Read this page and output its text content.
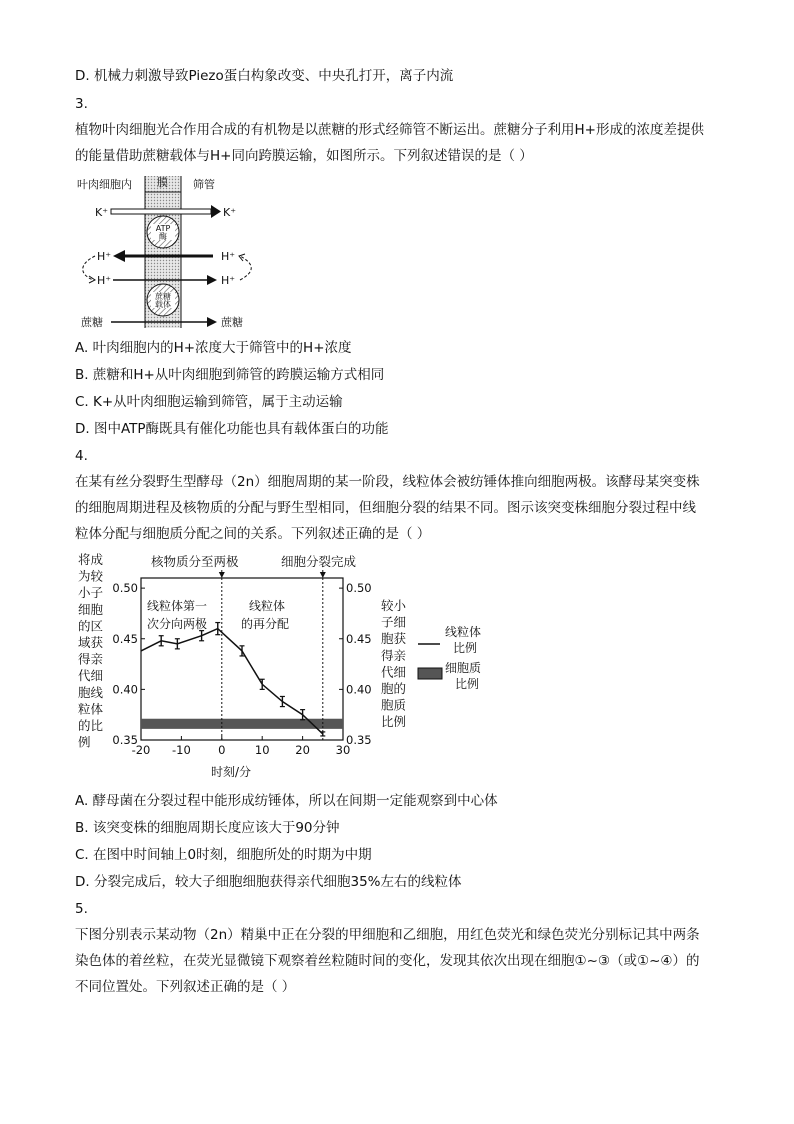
D. 机械力刺激导致Piezo蛋白构象改变、中央孔打开，离子内流
3.
植物叶肉细胞光合作用合成的有机物是以蔗糖的形式经筛管不断运出。蔗糖分子利用H+形成的浓度差提供
的能量借助蔗糖载体与H+同向跨膜运输，如图所示。下列叙述错误的是（ ）
叶肉细胞内 膜 筛管
K⁺	K⁺
ATP
酶
H⁺	H⁺
H⁺	H⁺
蔗糖
载体
蔗糖	蔗糖
A. 叶肉细胞内的H+浓度大于筛管中的H+浓度
B. 蔗糖和H+从叶肉细胞到筛管的跨膜运输方式相同
C. K+从叶肉细胞运输到筛管，属于主动运输
D. 图中ATP酶既具有催化功能也具有载体蛋白的功能
4.
在某有丝分裂野生型酵母（2n）细胞周期的某一阶段，线粒体会被纺锤体推向细胞两极。该酵母某突变株
的细胞周期进程及核物质的分配与野生型相同，但细胞分裂的结果不同。图示该突变株细胞分裂过程中线
粒体分配与细胞质分配之间的关系。下列叙述正确的是（ ）
将成
为较
小子
细胞
的区
域获
得亲
代细
胞线
粒体
的比
例
较小
子细
胞获
得亲
代细
胞的
胞质
比例
核物质分至两极	细胞分裂完成
线粒体第一
次分向两极
线粒体
的再分配
时刻/分
线粒体
比例
细胞质
比例
-20 -10 0	10 20 30
0.50	0.50
0.45	0.45
0.40	0.40
0.35	0.35
A. 酵母菌在分裂过程中能形成纺锤体，所以在间期一定能观察到中心体
B. 该突变株的细胞周期长度应该大于90分钟
C. 在图中时间轴上0时刻，细胞所处的时期为中期
D. 分裂完成后，较大子细胞细胞获得亲代细胞35%左右的线粒体
5.
下图分别表示某动物（2n）精巢中正在分裂的甲细胞和乙细胞，用红色荧光和绿色荧光分别标记其中两条
染色体的着丝粒，在荧光显微镜下观察着丝粒随时间的变化，发现其依次出现在细胞①~③（或①~④）的
不同位置处。下列叙述正确的是（ ）
